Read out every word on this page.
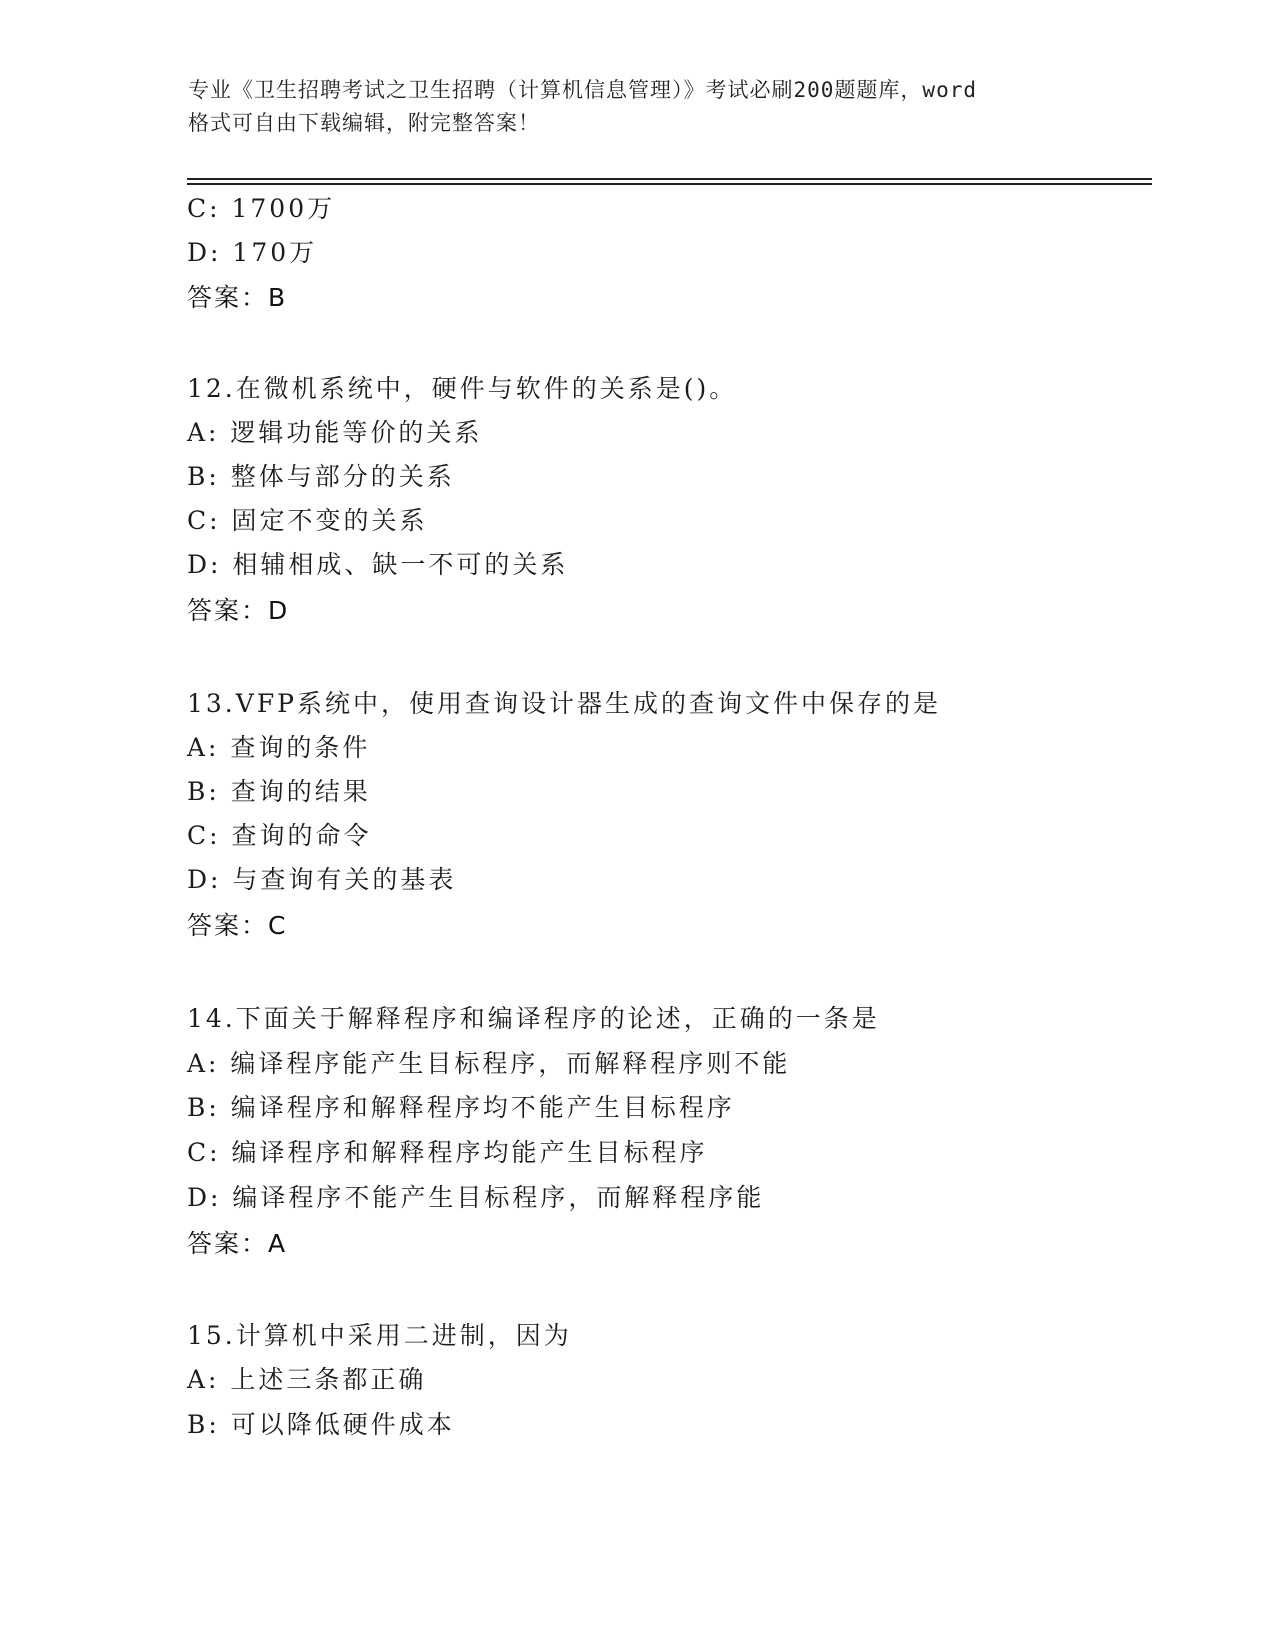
专业《卫生招聘考试之卫生招聘（计算机信息管理）》考试必刷200题题库，word
格式可自由下载编辑，附完整答案！
C: 1700万
D: 170万
答案：B
12.在微机系统中，硬件与软件的关系是()。
A: 逻辑功能等价的关系
B: 整体与部分的关系
C: 固定不变的关系
D: 相辅相成、缺一不可的关系
答案：D
13.VFP系统中，使用查询设计器生成的查询文件中保存的是
A: 查询的条件
B: 查询的结果
C: 查询的命令
D: 与查询有关的基表
答案：C
14.下面关于解释程序和编译程序的论述，正确的一条是
A: 编译程序能产生目标程序，而解释程序则不能
B: 编译程序和解释程序均不能产生目标程序
C: 编译程序和解释程序均能产生目标程序
D: 编译程序不能产生目标程序，而解释程序能
答案：A
15.计算机中采用二进制，因为
A: 上述三条都正确
B: 可以降低硬件成本
